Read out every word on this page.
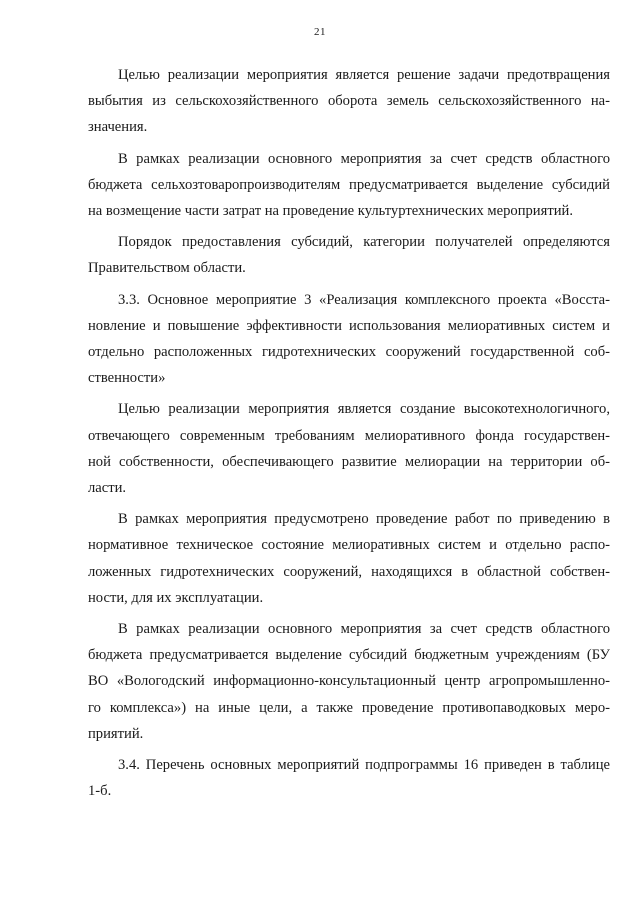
21

Целью реализации мероприятия является решение задачи предотвращения
выбытия из сельскохозяйственного оборота земель сельскохозяйственного на-
значения.

В рамках реализации основного мероприятия за счет средств областного
бюджета сельхозтоваропроизводителям предусматривается выделение субсидий
на возмещение части затрат на проведение культуртехнических мероприятий.

Порядок предоставления субсидий, категории получателей определяются
Правительством области.

3.3. Основное мероприятие 3 «Реализация комплексного проекта «Восста-
новление и повышение эффективности использования мелиоративных систем и
отдельно расположенных гидротехнических сооружений государственной соб-
ственности»

Целью реализации мероприятия является создание высокотехнологичного,
отвечающего современным требованиям мелиоративного фонда государствен-
ной собственности, обеспечивающего развитие мелиорации на территории об-
ласти.

В рамках мероприятия предусмотрено проведение работ по приведению в
нормативное техническое состояние мелиоративных систем и отдельно распо-
ложенных гидротехнических сооружений, находящихся в областной собствен-
ности, для их эксплуатации.

В рамках реализации основного мероприятия за счет средств областного
бюджета предусматривается выделение субсидий бюджетным учреждениям (БУ
ВО «Вологодский информационно-консультационный центр агропромышленно-
го комплекса») на иные цели, а также проведение противопаводковых меро-
приятий.

3.4. Перечень основных мероприятий подпрограммы 16 приведен в таблице
1-б.
